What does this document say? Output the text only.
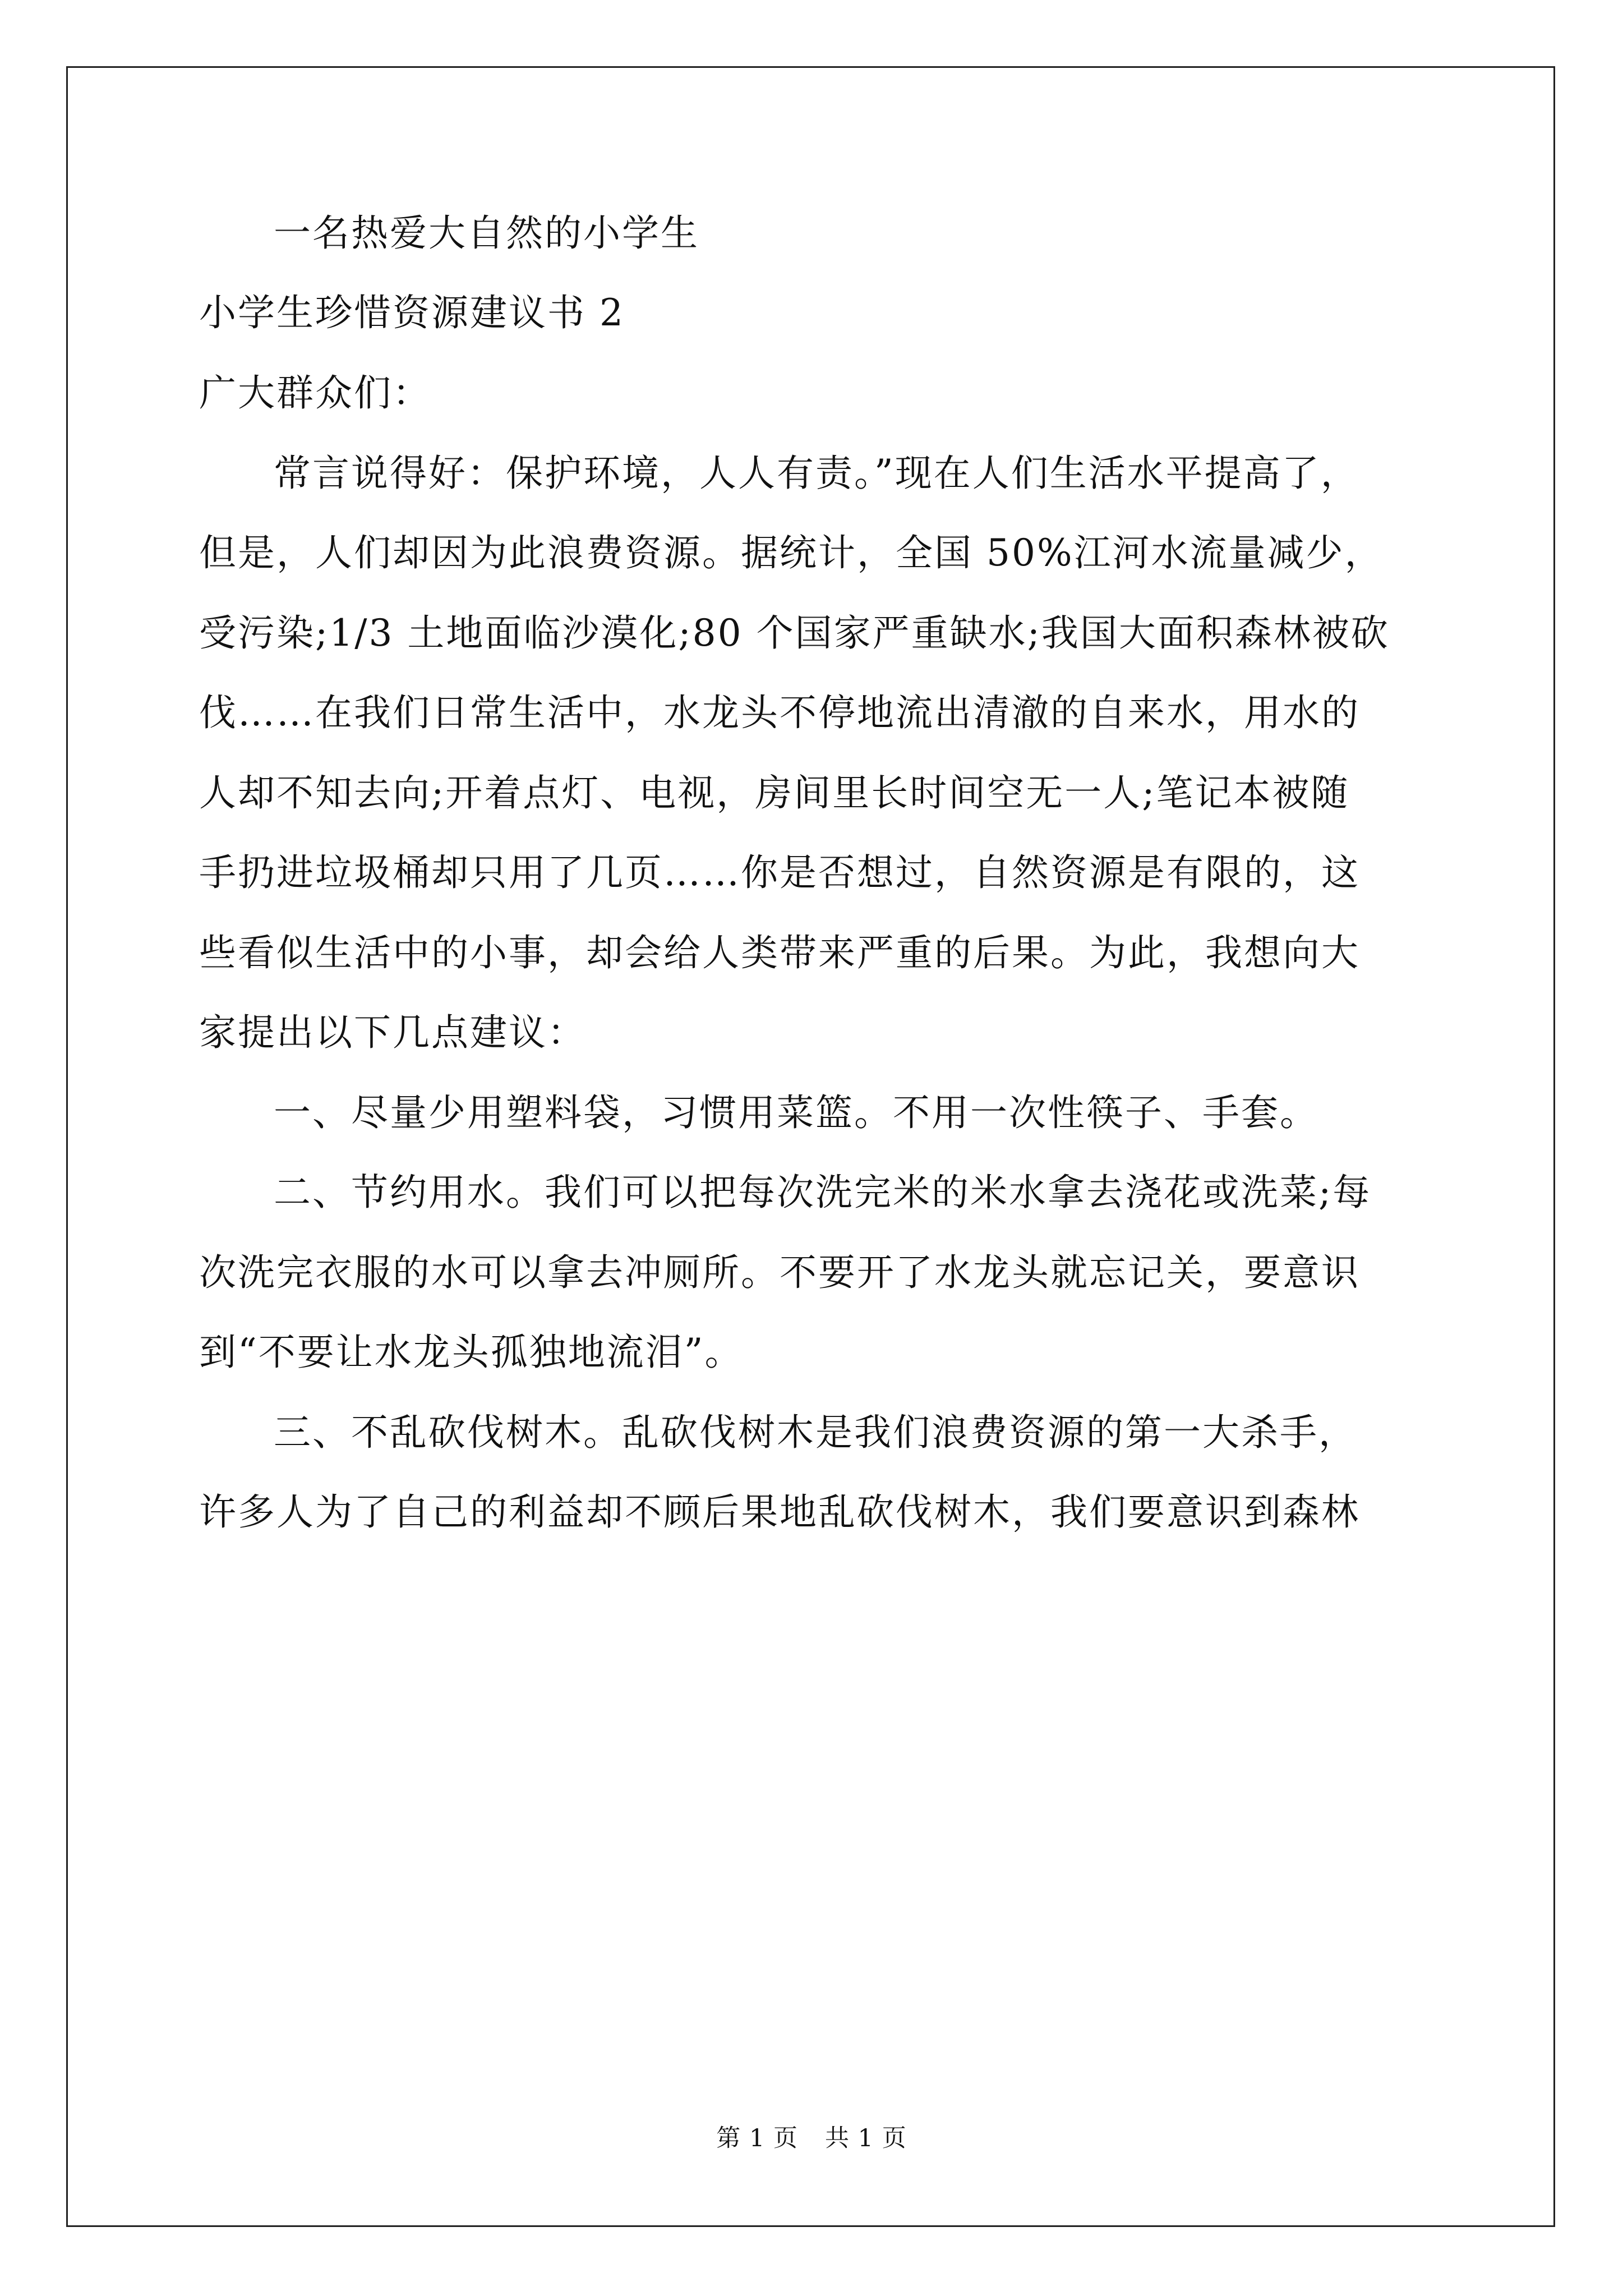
一名热爱大自然的小学生
小学生珍惜资源建议书 2
广大群众们：
常言说得好：保护环境，人人有责。”现在人们生活水平提高了，
但是，人们却因为此浪费资源。据统计，全国 50%江河水流量减少，
受污染;1/3 土地面临沙漠化;80 个国家严重缺水;我国大面积森林被砍
伐……在我们日常生活中，水龙头不停地流出清澈的自来水，用水的
人却不知去向;开着点灯、电视，房间里长时间空无一人;笔记本被随
手扔进垃圾桶却只用了几页……你是否想过，自然资源是有限的，这
些看似生活中的小事，却会给人类带来严重的后果。为此，我想向大
家提出以下几点建议：
一、尽量少用塑料袋，习惯用菜篮。不用一次性筷子、手套。
二、节约用水。我们可以把每次洗完米的米水拿去浇花或洗菜;每
次洗完衣服的水可以拿去冲厕所。不要开了水龙头就忘记关，要意识
到“不要让水龙头孤独地流泪”。
三、不乱砍伐树木。乱砍伐树木是我们浪费资源的第一大杀手，
许多人为了自己的利益却不顾后果地乱砍伐树木，我们要意识到森林
第 1 页 共 1 页
